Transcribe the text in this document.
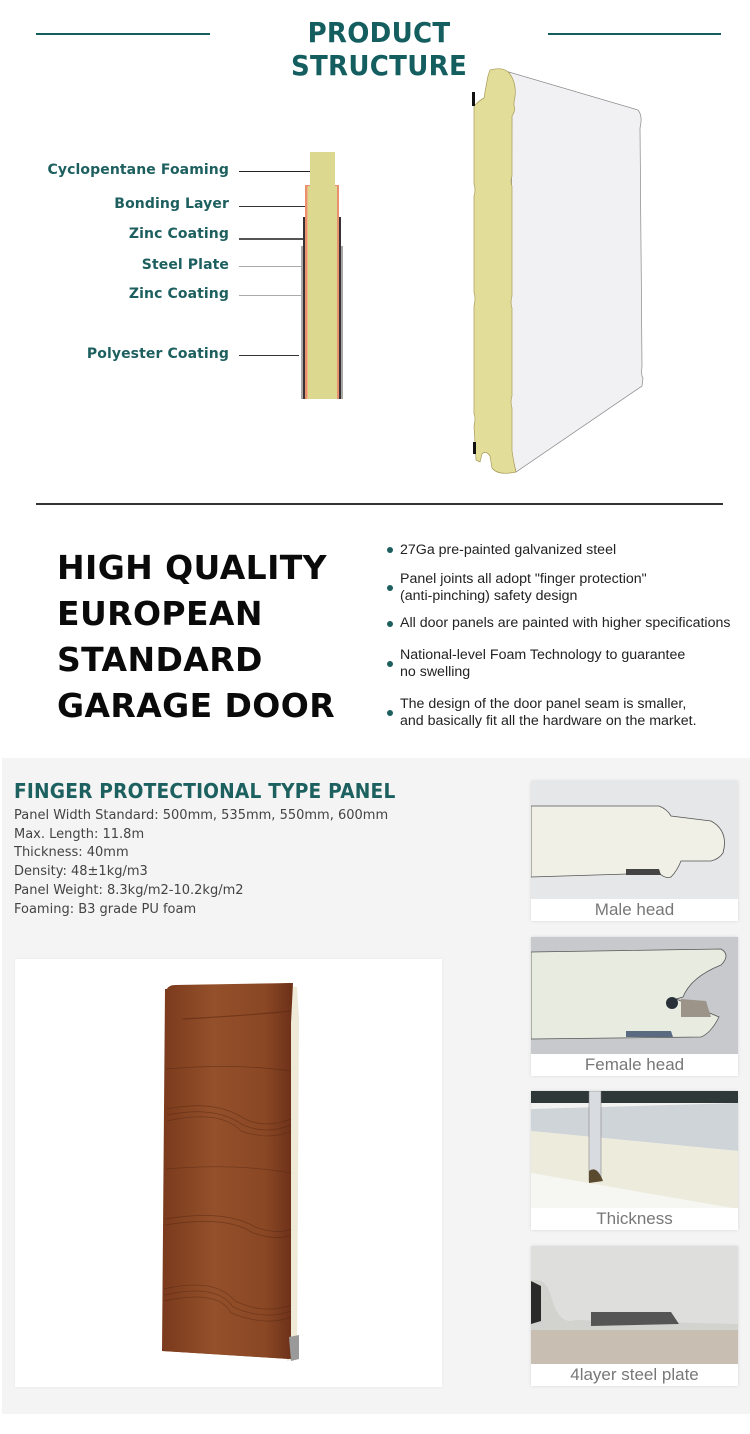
PRODUCT STRUCTURE
Cyclopentane Foaming
Bonding Layer
Zinc Coating
Steel Plate
Zinc Coating
Polyester Coating
HIGH QUALITY
EUROPEAN
STANDARD
GARAGE DOOR
27Ga pre-painted galvanized steel
Panel joints all adopt "finger protection"
(anti-pinching) safety design
All door panels are painted with higher specifications
National-level Foam Technology to guarantee
no swelling
The design of the door panel seam is smaller,
and basically fit all the hardware on the market.
FINGER PROTECTIONAL TYPE PANEL
Panel Width Standard: 500mm, 535mm, 550mm, 600mm
Max. Length: 11.8m
Thickness: 40mm
Density: 48±1kg/m3
Panel Weight: 8.3kg/m2-10.2kg/m2
Foaming: B3 grade PU foam	Male head
Female head
Thickness
4layer steel plate
